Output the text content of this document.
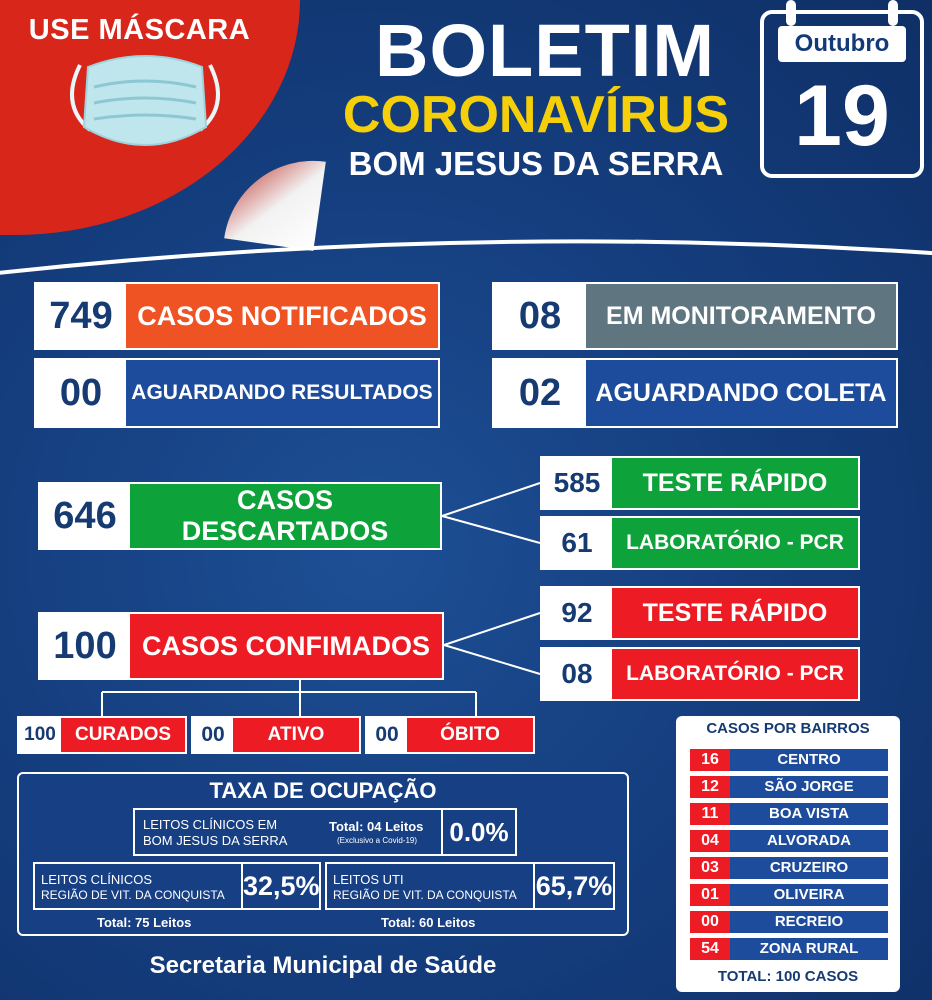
USE MÁSCARA	BOLETIM
CORONAVÍRUS
BOM JESUS DA SERRA
Outubro
19
749 CASOS NOTIFICADOS	08	EM MONITORAMENTO
00	AGUARDANDO RESULTADOS	02	AGUARDANDO COLETA
646	CASOS DESCARTADOS
585	TESTE RÁPIDO
61	LABORATÓRIO - PCR
100 CASOS CONFIMADOS
92	TESTE RÁPIDO
08	LABORATÓRIO - PCR
100	CURADOS	00	ATIVO	00	ÓBITO
TAXA DE OCUPAÇÃO
LEITOS CLÍNICOS EM
BOM JESUS DA SERRA
Total: 04 Leitos
(Exclusivo a Covid-19)	0.0%
LEITOS CLÍNICOS
REGIÃO DE VIT. DA CONQUISTA 32,5%
Total: 75 Leitos
LEITOS UTI
REGIÃO DE VIT. DA CONQUISTA 65,7%
Total: 60 Leitos
CASOS POR BAIRROS
16	CENTRO
12	SÃO JORGE
11	BOA VISTA
04	ALVORADA
03	CRUZEIRO
01	OLIVEIRA
00	RECREIO
54	ZONA RURAL
TOTAL: 100 CASOS
Secretaria Municipal de Saúde
